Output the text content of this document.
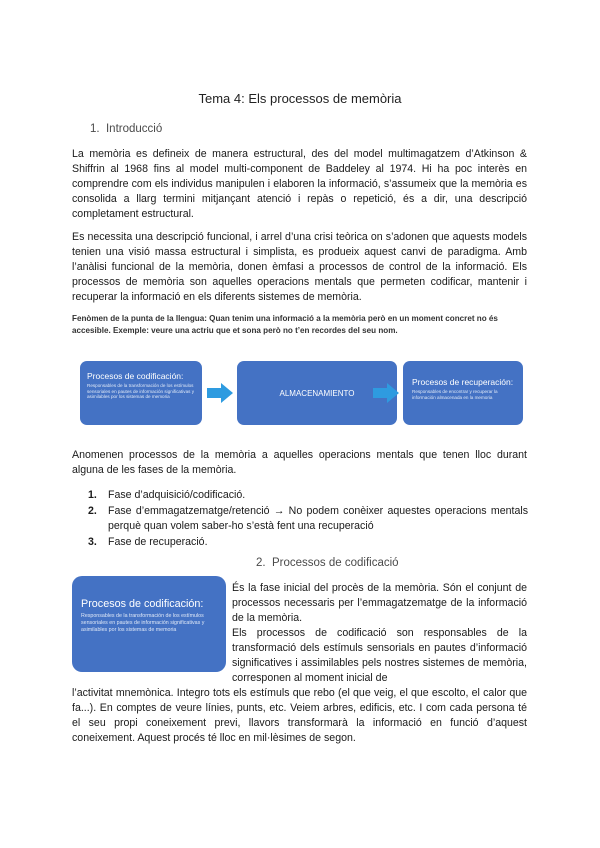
Tema 4: Els processos de memòria
1. Introducció

La memòria es defineix de manera estructural, des del model multimagatzem d’Atkinson & Shiffrin al 1968 fins al model multi-component de Baddeley al 1974. Hi ha poc interès en comprendre com els individus manipulen i elaboren la informació, s’assumeix que la memòria es consolida a llarg termini mitjançant atenció i repàs o repetició, és a dir, una descripció completament estructural.

Es necessita una descripció funcional, i arrel d’una crisi teòrica on s’adonen que aquests models tenien una visió massa estructural i simplista, es produeix aquest canvi de paradigma. Amb l’anàlisi funcional de la memòria, donen èmfasi a processos de control de la informació. Els processos de memòria son aquelles operacions mentals que permeten codificar, mantenir i recuperar la informació en els diferents sistemes de memòria.

Fenòmen de la punta de la llengua: Quan tenim una informació a la memòria però en un moment concret no és accesible. Exemple: veure una actriu que et sona però no t’en recordes del seu nom.

Procesos de codificación:
Responsables de la transformación de los estímulos sensoriales en pautes de información significativas y asimilables por los sistemas de memoria	ALMACENAMIENTO
Procesos de recuperación:
Responsables de encontrar y recuperar la información almacenada en la memoria

Anomenen processos de la memòria a aquelles operacions mentals que tenen lloc durant alguna de les fases de la memòria.

1.	Fase d’adquisició/codificació.
2.	Fase d’emmagatzematge/retenció → No podem conèixer aquestes operacions mentals perquè quan volem saber-ho s’està fent una recuperació
3.	Fase de recuperació.
2. Processos de codificació
Procesos de codificación:
Responsables de la transformación de los estímulos sensoriales en pautes de información significativas y asimilables por los sistemas de memoria

És la fase inicial del procès de la memòria. Són el conjunt de processos necessaris per l’emmagatzematge de la informació de la memòria.

Els processos de codificació son responsables de la transformació dels estímuls sensorials en pautes d’informació significatives i assimilables pels nostres sistemes de memòria, corresponen al moment inicial de

l’activitat mnemònica. Integro tots els estímuls que rebo (el que veig, el que escolto, el calor que fa...). En comptes de veure línies, punts, etc. Veiem arbres, edificis, etc. I com cada persona té el seu propi coneixement previ, llavors transformarà la informació en funció d’aquest coneixement. Aquest procés té lloc en mil·lèsimes de segon.
